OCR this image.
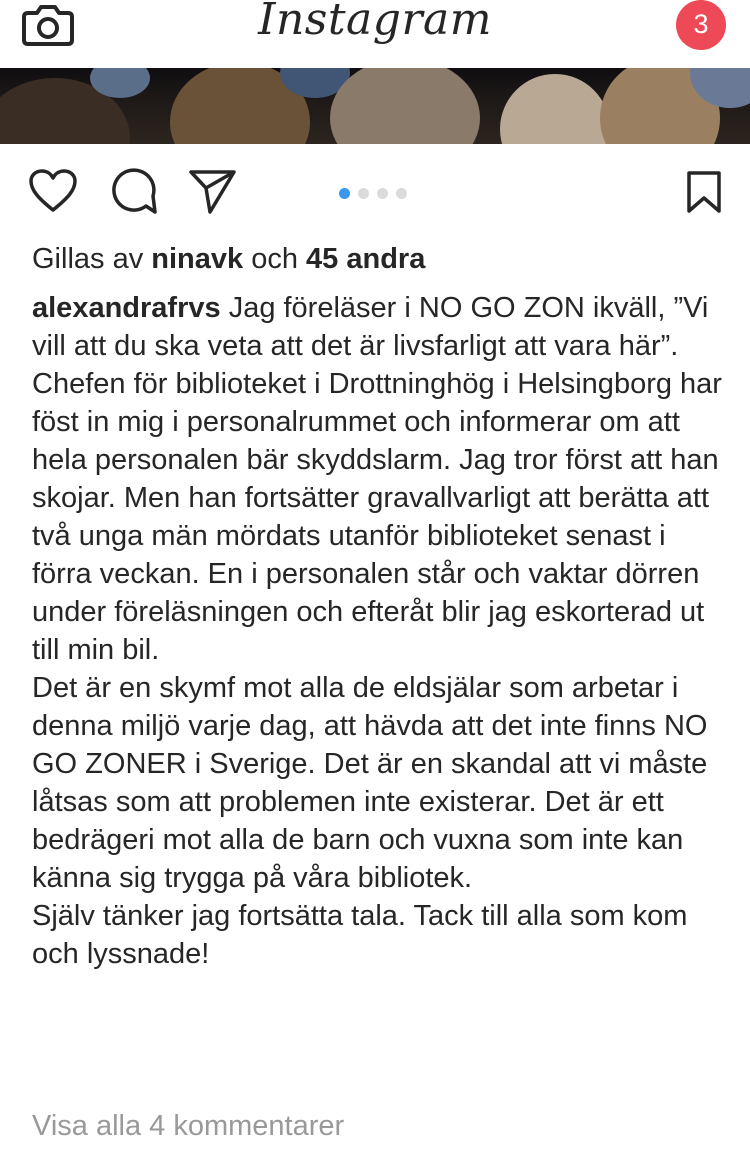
Instagram	3
Gillas av ninavk och 45 andra

alexandrafrvs Jag föreläser i NO GO ZON ikväll, ”Vi vill att du ska veta att det är livsfarligt att vara här”. Chefen för biblioteket i Drottninghög i Helsingborg har föst in mig i personalrummet och informerar om att hela personalen bär skyddslarm. Jag tror först att han skojar. Men han fortsätter gravallvarligt att berätta att två unga män mördats utanför biblioteket senast i förra veckan. En i personalen står och vaktar dörren under föreläsningen och efteråt blir jag eskorterad ut till min bil.

Det är en skymf mot alla de eldsjälar som arbetar i denna miljö varje dag, att hävda att det inte finns NO GO ZONER i Sverige. Det är en skandal att vi måste låtsas som att problemen inte existerar. Det är ett bedrägeri mot alla de barn och vuxna som inte kan känna sig trygga på våra bibliotek.

Själv tänker jag fortsätta tala. Tack till alla som kom och lyssnade!

Visa alla 4 kommentarer
